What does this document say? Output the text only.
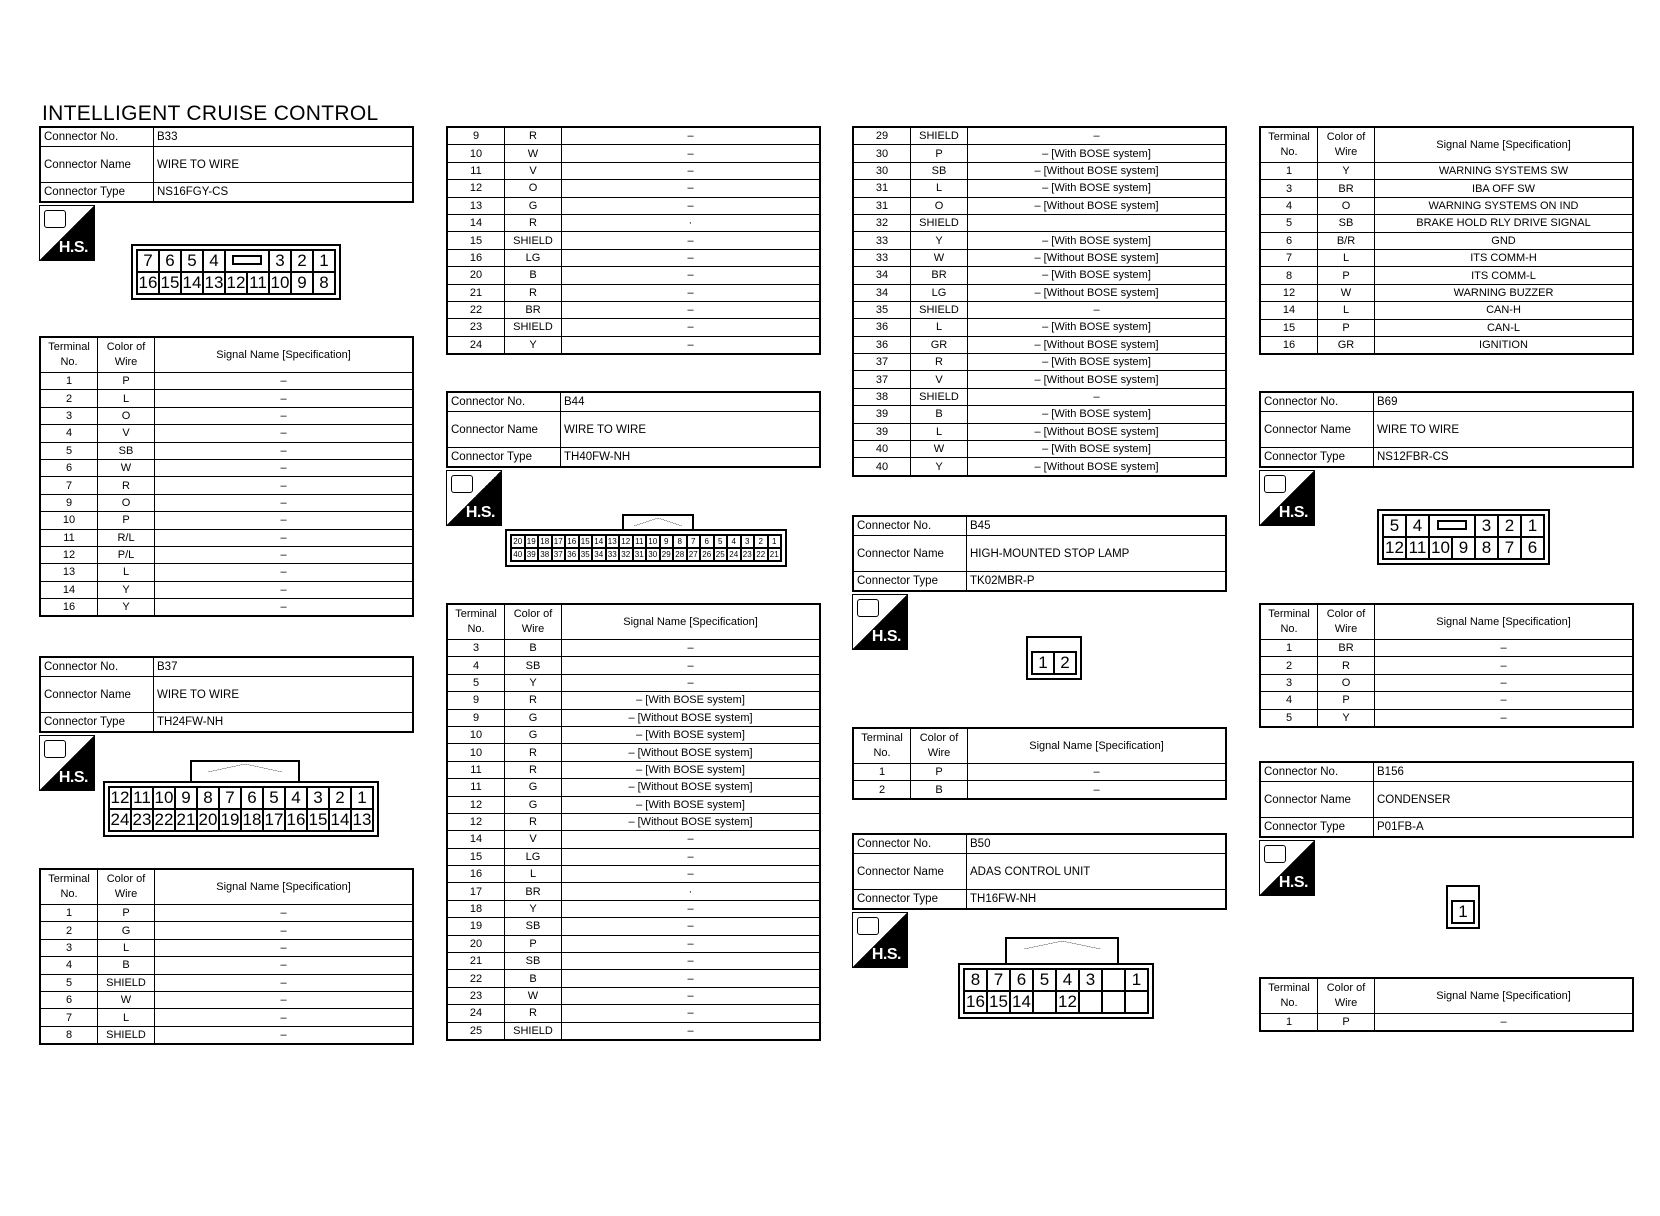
INTELLIGENT CRUISE CONTROL
Connector No.	B33
Connector Name	WIRE TO WIRE
Connector Type	NS16FGY-CS
H.S.
7 6 5 4	3 2 1
16 15 14 13 12 11 10 9 8
Terminal No.	Color of Wire	Signal Name [Specification]
1	P	–
2	L	–
3	O	–
4	V	–
5	SB	–
6	W	–
7	R	–
9	O	–
10	P	–
11	R/L	–
12	P/L	–
13	L	–
14	Y	–
16	Y	–
Connector No.	B37
Connector Name	WIRE TO WIRE
Connector Type	TH24FW-NH
H.S.
12 11 10 9 8 7 6 5 4 3 2 1
24 23 22 21 20 19 18 17 16 15 14 13
Terminal No.	Color of Wire	Signal Name [Specification]
1	P	–
2	G	–
3	L	–
4	B	–
5	SHIELD	–
6	W	–
7	L	–
8	SHIELD	–
9	R	–
10	W	–
11	V	–
12	O	–
13	G	–
14	R	·
15	SHIELD	–
16	LG	–
20	B	–
21	R	–
22	BR	–
23	SHIELD	–
24	Y	–
Connector No.	B44
Connector Name	WIRE TO WIRE
Connector Type	TH40FW-NH
H.S.
20 19 18 17 16 15 14 13 12 11 10 9	8	7	6	5	4	3	2	1
40 39 38 37 36 35 34 33 32 31 30 29 28 27 26 25 24 23 22 21
Terminal No.	Color of Wire	Signal Name [Specification]
3	B	–
4	SB	–
5	Y	–
9	R	– [With BOSE system]
9	G	– [Without BOSE system]
10	G	– [With BOSE system]
10	R	– [Without BOSE system]
11	R	– [With BOSE system]
11	G	– [Without BOSE system]
12	G	– [With BOSE system]
12	R	– [Without BOSE system]
14	V	–
15	LG	–
16	L	–
17	BR	·
18	Y	–
19	SB	–
20	P	–
21	SB	–
22	B	–
23	W	–
24	R	–
25	SHIELD	–
29	SHIELD	–
30	P	– [With BOSE system]
30	SB	– [Without BOSE system]
31	L	– [With BOSE system]
31	O	– [Without BOSE system]
32	SHIELD	
33	Y	– [With BOSE system]
33	W	– [Without BOSE system]
34	BR	– [With BOSE system]
34	LG	– [Without BOSE system]
35	SHIELD	–
36	L	– [With BOSE system]
36	GR	– [Without BOSE system]
37	R	– [With BOSE system]
37	V	– [Without BOSE system]
38	SHIELD	–
39	B	– [With BOSE system]
39	L	– [Without BOSE system]
40	W	– [With BOSE system]
40	Y	– [Without BOSE system]
Connector No.	B45
Connector Name	HIGH-MOUNTED STOP LAMP
Connector Type	TK02MBR-P
H.S.
1 2
Terminal No.	Color of Wire	Signal Name [Specification]
1	P	–
2	B	–
Connector No.	B50
Connector Name	ADAS CONTROL UNIT
Connector Type	TH16FW-NH
H.S.
8 7 6 5 4 3	1
16 15 14 12
Terminal No.	Color of Wire	Signal Name [Specification]
1	Y	WARNING SYSTEMS SW
3	BR	IBA OFF SW
4	O	WARNING SYSTEMS ON IND
5	SB	BRAKE HOLD RLY DRIVE SIGNAL
6	B/R	GND
7	L	ITS COMM-H
8	P	ITS COMM-L
12	W	WARNING BUZZER
14	L	CAN-H
15	P	CAN-L
16	GR	IGNITION
Connector No.	B69
Connector Name	WIRE TO WIRE
Connector Type	NS12FBR-CS
H.S.
5 4	3 2 1
12 11 10 9 8 7 6
Terminal No.	Color of Wire	Signal Name [Specification]
1	BR	–
2	R	–
3	O	–
4	P	–
5	Y	–
Connector No.	B156
Connector Name	CONDENSER
Connector Type	P01FB-A
H.S.
1
Terminal No.	Color of Wire	Signal Name [Specification]
1	P	–
